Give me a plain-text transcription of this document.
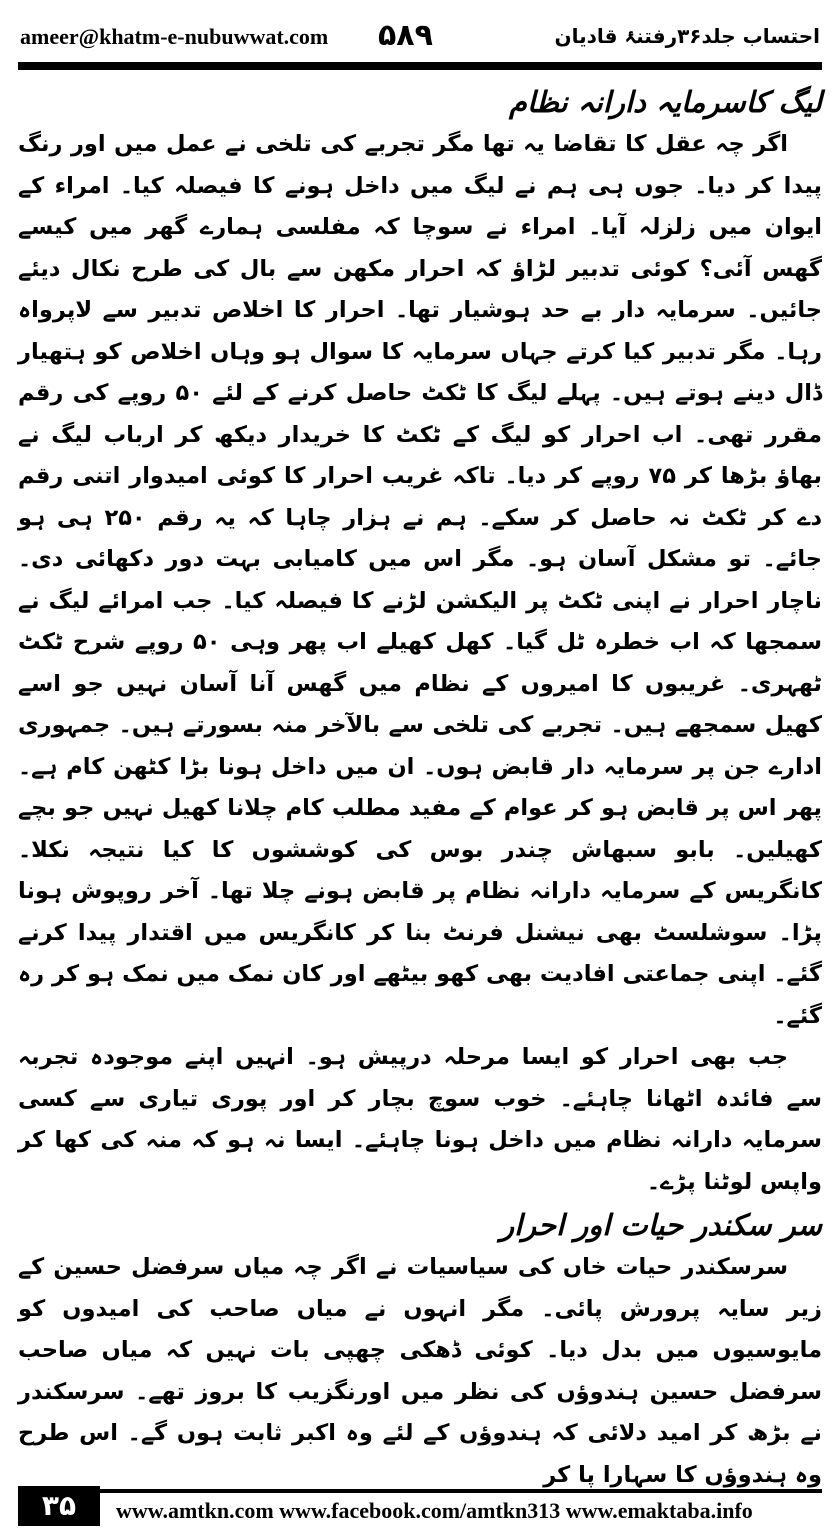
ameer@khatm-e-nubuwwat.com ۵۸۹	احتساب جلد۳۶رفتنۂ قادیان
لیگ کاسرمایہ دارانہ نظام

اگر چہ عقل کا تقاضا یہ تھا مگر تجربے کی تلخی نے عمل میں اور رنگ پیدا کر دیا۔ جوں ہی ہم نے لیگ میں داخل ہونے کا فیصلہ کیا۔ امراء کے ایوان میں زلزلہ آیا۔ امراء نے سوچا کہ مفلسی ہمارے گھر میں کیسے گھس آئی؟ کوئی تدبیر لڑاؤ کہ احرار مکھن سے بال کی طرح نکال دیئے جائیں۔ سرمایہ دار بے حد ہوشیار تھا۔ احرار کا اخلاص تدبیر سے لاپرواہ رہا۔ مگر تدبیر کیا کرتے جہاں سرمایہ کا سوال ہو وہاں اخلاص کو ہتھیار ڈال دینے ہوتے ہیں۔ پہلے لیگ کا ٹکٹ حاصل کرنے کے لئے ۵۰ روپے کی رقم مقرر تھی۔ اب احرار کو لیگ کے ٹکٹ کا خریدار دیکھ کر ارباب لیگ نے بھاؤ بڑھا کر ۷۵ روپے کر دیا۔ تاکہ غریب احرار کا کوئی امیدوار اتنی رقم دے کر ٹکٹ نہ حاصل کر سکے۔ ہم نے ہزار چاہا کہ یہ رقم ۲۵۰ ہی ہو جائے۔ تو مشکل آسان ہو۔ مگر اس میں کامیابی بہت دور دکھائی دی۔ ناچار احرار نے اپنی ٹکٹ پر الیکشن لڑنے کا فیصلہ کیا۔ جب امرائے لیگ نے سمجھا کہ اب خطرہ ٹل گیا۔ کھل کھیلے اب پھر وہی ۵۰ روپے شرح ٹکٹ ٹھہری۔ غریبوں کا امیروں کے نظام میں گھس آنا آسان نہیں جو اسے کھیل سمجھے ہیں۔ تجربے کی تلخی سے بالآخر منہ بسورتے ہیں۔ جمہوری ادارے جن پر سرمایہ دار قابض ہوں۔ ان میں داخل ہونا بڑا کٹھن کام ہے۔ پھر اس پر قابض ہو کر عوام کے مفید مطلب کام چلانا کھیل نہیں جو بچے کھیلیں۔ بابو سبھاش چندر بوس کی کوششوں کا کیا نتیجہ نکلا۔ کانگریس کے سرمایہ دارانہ نظام پر قابض ہونے چلا تھا۔ آخر روپوش ہونا پڑا۔ سوشلسٹ بھی نیشنل فرنٹ بنا کر کانگریس میں اقتدار پیدا کرنے گئے۔ اپنی جماعتی افادیت بھی کھو بیٹھے اور کان نمک میں نمک ہو کر رہ گئے۔

جب بھی احرار کو ایسا مرحلہ درپیش ہو۔ انہیں اپنے موجودہ تجربہ سے فائدہ اٹھانا چاہئے۔ خوب سوچ بچار کر اور پوری تیاری سے کسی سرمایہ دارانہ نظام میں داخل ہونا چاہئے۔ ایسا نہ ہو کہ منہ کی کھا کر واپس لوٹنا پڑے۔

سر سکندر حیات اور احرار

سرسکندر حیات خاں کی سیاسیات نے اگر چہ میاں سرفضل حسین کے زیر سایہ پرورش پائی۔ مگر انہوں نے میاں صاحب کی امیدوں کو مایوسیوں میں بدل دیا۔ کوئی ڈھکی چھپی بات نہیں کہ میاں صاحب سرفضل حسین ہندوؤں کی نظر میں اورنگزیب کا بروز تھے۔ سرسکندر نے بڑھ کر امید دلائی کہ ہندوؤں کے لئے وہ اکبر ثابت ہوں گے۔ اس طرح وہ ہندوؤں کا سہارا پا کر

۳۵	www.amtkn.com www.facebook.com/amtkn313 www.emaktaba.info
